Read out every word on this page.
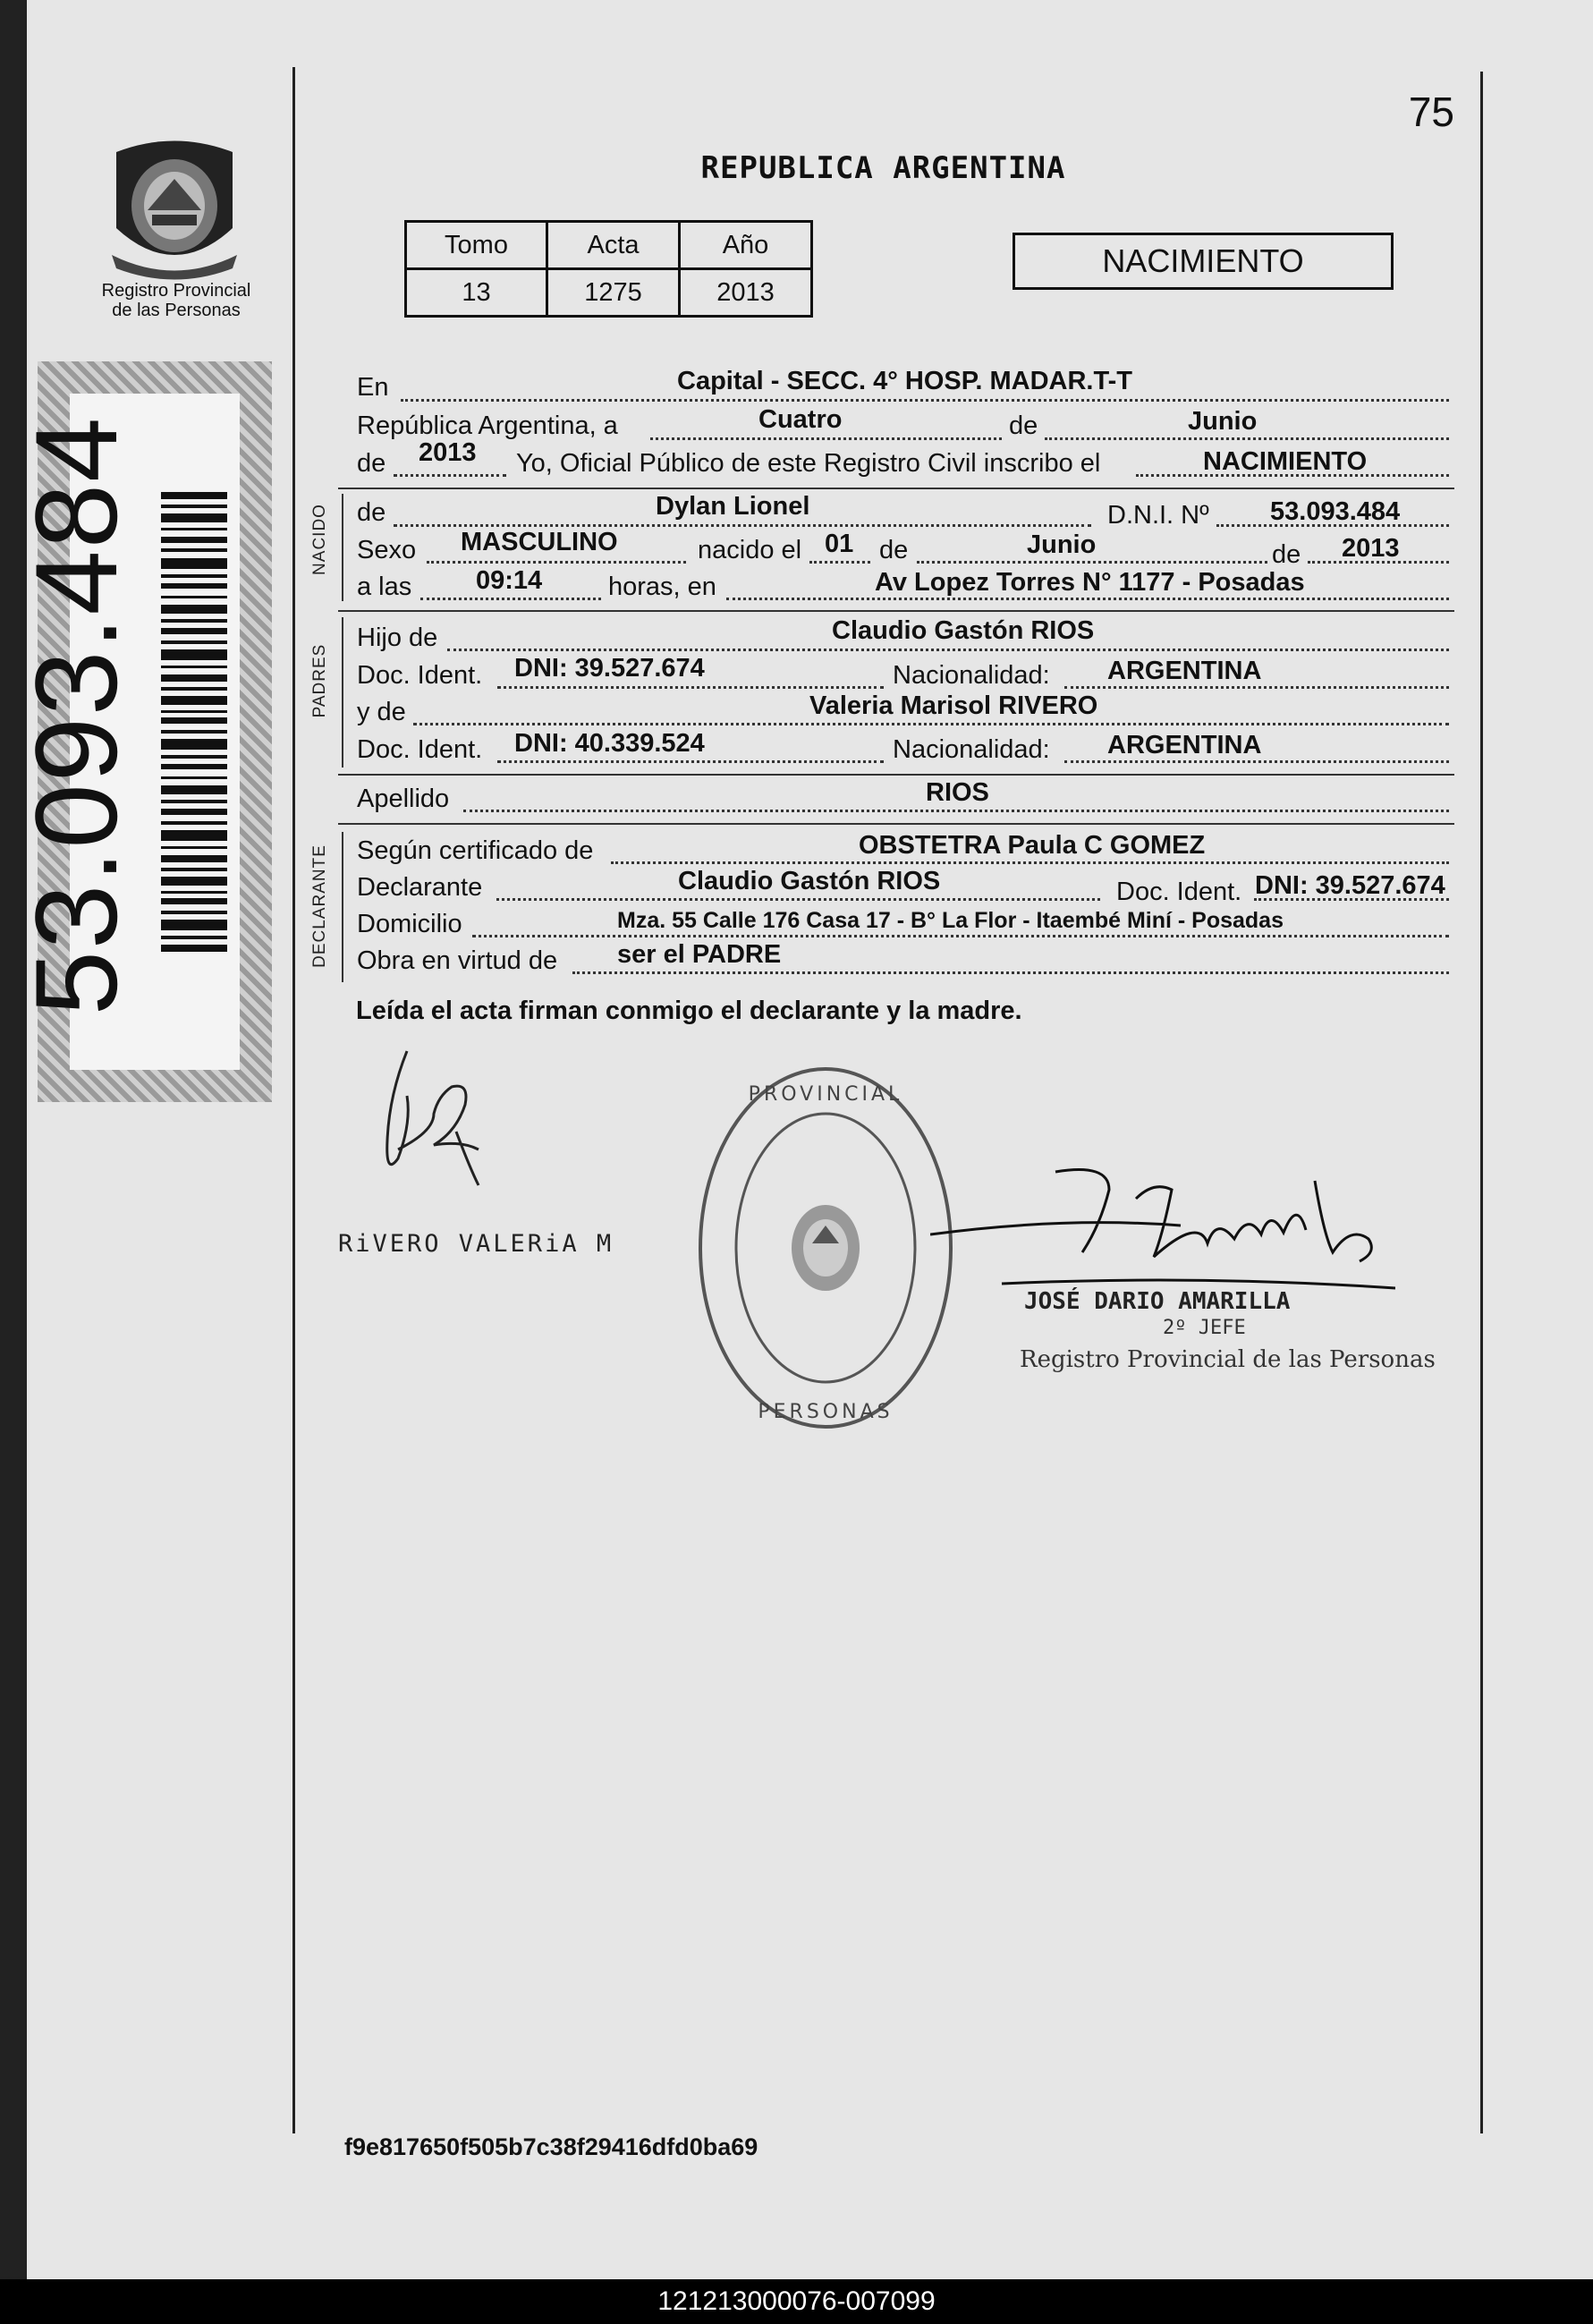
75
REPUBLICA ARGENTINA
Registro Provincial
de las Personas
53.093.484
Tomo	Acta	Año
13	1275	2013
NACIMIENTO
En	Capital - SECC. 4° HOSP. MADAR.T-T
República Argentina, a	Cuatro	de	Junio
de 2013 Yo, Oficial Público de este Registro Civil inscribo el	NACIMIENTO
NACIDO de	Dylan Lionel	D.N.I. Nº 53.093.484
Sexo MASCULINO	nacido el 01 de	Junio	de 2013
a las 09:14	horas, en	Av Lopez Torres N° 1177 - Posadas
PADRES
Hijo de	Claudio Gastón RIOS
Doc. Ident. DNI: 39.527.674	Nacionalidad: ARGENTINA
y de	Valeria Marisol RIVERO
Doc. Ident. DNI: 40.339.524	Nacionalidad: ARGENTINA
Apellido	RIOS
DECLARANTE Según certificado de	OBSTETRA Paula C GOMEZ
Declarante	Claudio Gastón RIOS	Doc. Ident. DNI: 39.527.674
Domicilio	Mza. 55 Calle 176 Casa 17 - B° La Flor - Itaembé Miní - Posadas
Obra en virtud de ser el PADRE
Leída el acta firman conmigo el declarante y la madre.
RiVERO VALERiA M
PROVINCIAL
PERSONAS
JOSÉ DARIO AMARILLA
2º JEFE
Registro Provincial de las Personas
f9e817650f505b7c38f29416dfd0ba69
121213000076-007099
